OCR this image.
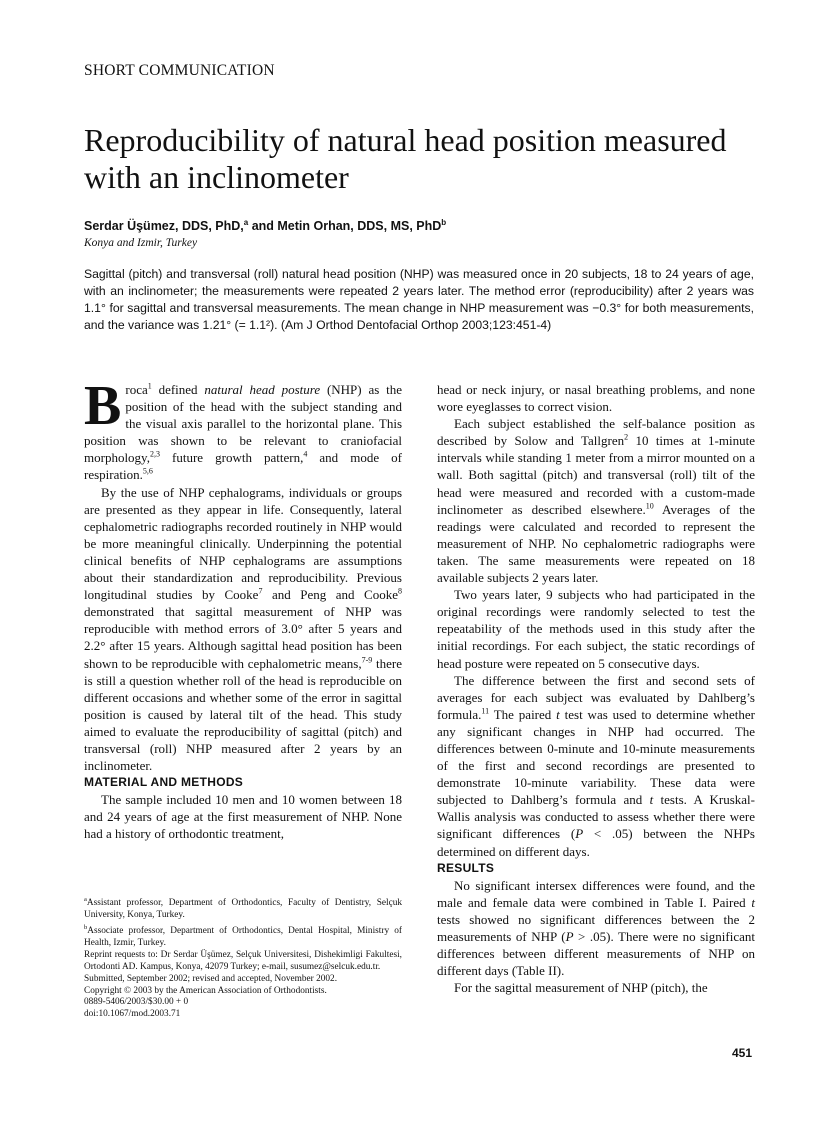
SHORT COMMUNICATION
Reproducibility of natural head position measured with an inclinometer
Serdar Üşümez, DDS, PhD,$^a$ and Metin Orhan, DDS, MS, PhD$^b$
Konya and Izmir, Turkey

Sagittal (pitch) and transversal (roll) natural head position (NHP) was measured once in 20 subjects, 18 to 24 years of age, with an inclinometer; the measurements were repeated 2 years later. The method error (reproducibility) after 2 years was 1.1° for sagittal and transversal measurements. The mean change in NHP measurement was −0.3° for both measurements, and the variance was 1.21° (= 1.1²). (Am J Orthod Dentofacial Orthop 2003;123:451-4)

Broca$^1$ defined natural head posture (NHP) as the position of the head with the subject standing and the visual axis parallel to the horizontal plane. This position was shown to be relevant to craniofacial morphology,$^{2,3}$ future growth pattern,$^4$ and mode of respiration.$^{5,6}$

By the use of NHP cephalograms, individuals or groups are presented as they appear in life. Consequently, lateral cephalometric radiographs recorded routinely in NHP would be more meaningful clinically. Underpinning the potential clinical benefits of NHP cephalograms are assumptions about their standardization and reproducibility. Previous longitudinal studies by Cooke$^7$ and Peng and Cooke$^8$ demonstrated that sagittal measurement of NHP was reproducible with method errors of 3.0° after 5 years and 2.2° after 15 years. Although sagittal head position has been shown to be reproducible with cephalometric means,$^{7-9}$ there is still a question whether roll of the head is reproducible on different occasions and whether some of the error in sagittal position is caused by lateral tilt of the head. This study aimed to evaluate the reproducibility of sagittal (pitch) and transversal (roll) NHP measured after 2 years by an inclinometer.

MATERIAL AND METHODS

The sample included 10 men and 10 women between 18 and 24 years of age at the first measurement of NHP. None had a history of orthodontic treatment,

head or neck injury, or nasal breathing problems, and none wore eyeglasses to correct vision.

Each subject established the self-balance position as described by Solow and Tallgren$^2$ 10 times at 1-minute intervals while standing 1 meter from a mirror mounted on a wall. Both sagittal (pitch) and transversal (roll) tilt of the head were measured and recorded with a custom-made inclinometer as described elsewhere.$^{10}$ Averages of the readings were calculated and recorded to represent the measurement of NHP. No cephalometric radiographs were taken. The same measurements were repeated on 18 available subjects 2 years later.

Two years later, 9 subjects who had participated in the original recordings were randomly selected to test the repeatability of the methods used in this study after the initial recordings. For each subject, the static recordings of head posture were repeated on 5 consecutive days.

The difference between the first and second sets of averages for each subject was evaluated by Dahlberg’s formula.$^{11}$ The paired t test was used to determine whether any significant changes in NHP had occurred. The differences between 0-minute and 10-minute measurements of the first and second recordings are presented to demonstrate 10-minute variability. These data were subjected to Dahlberg’s formula and t tests. A Kruskal-Wallis analysis was conducted to assess whether there were significant differences (P < .05) between the NHPs determined on different days.

RESULTS

No significant intersex differences were found, and the male and female data were combined in Table I. Paired t tests showed no significant differences between the 2 measurements of NHP (P > .05). There were no significant differences between different measurements of NHP on different days (Table II).

For the sagittal measurement of NHP (pitch), the

$^a$Assistant professor, Department of Orthodontics, Faculty of Dentistry, Selçuk University, Konya, Turkey.
$^b$Associate professor, Department of Orthodontics, Dental Hospital, Ministry of Health, Izmir, Turkey.
Reprint requests to: Dr Serdar Üşümez, Selçuk Universitesi, Dishekimligi Fakultesi, Ortodonti AD. Kampus, Konya, 42079 Turkey; e-mail, susumez@selcuk.edu.tr.
Submitted, September 2002; revised and accepted, November 2002.
Copyright © 2003 by the American Association of Orthodontists.
0889-5406/2003/$30.00 + 0
doi:10.1067/mod.2003.71
451
